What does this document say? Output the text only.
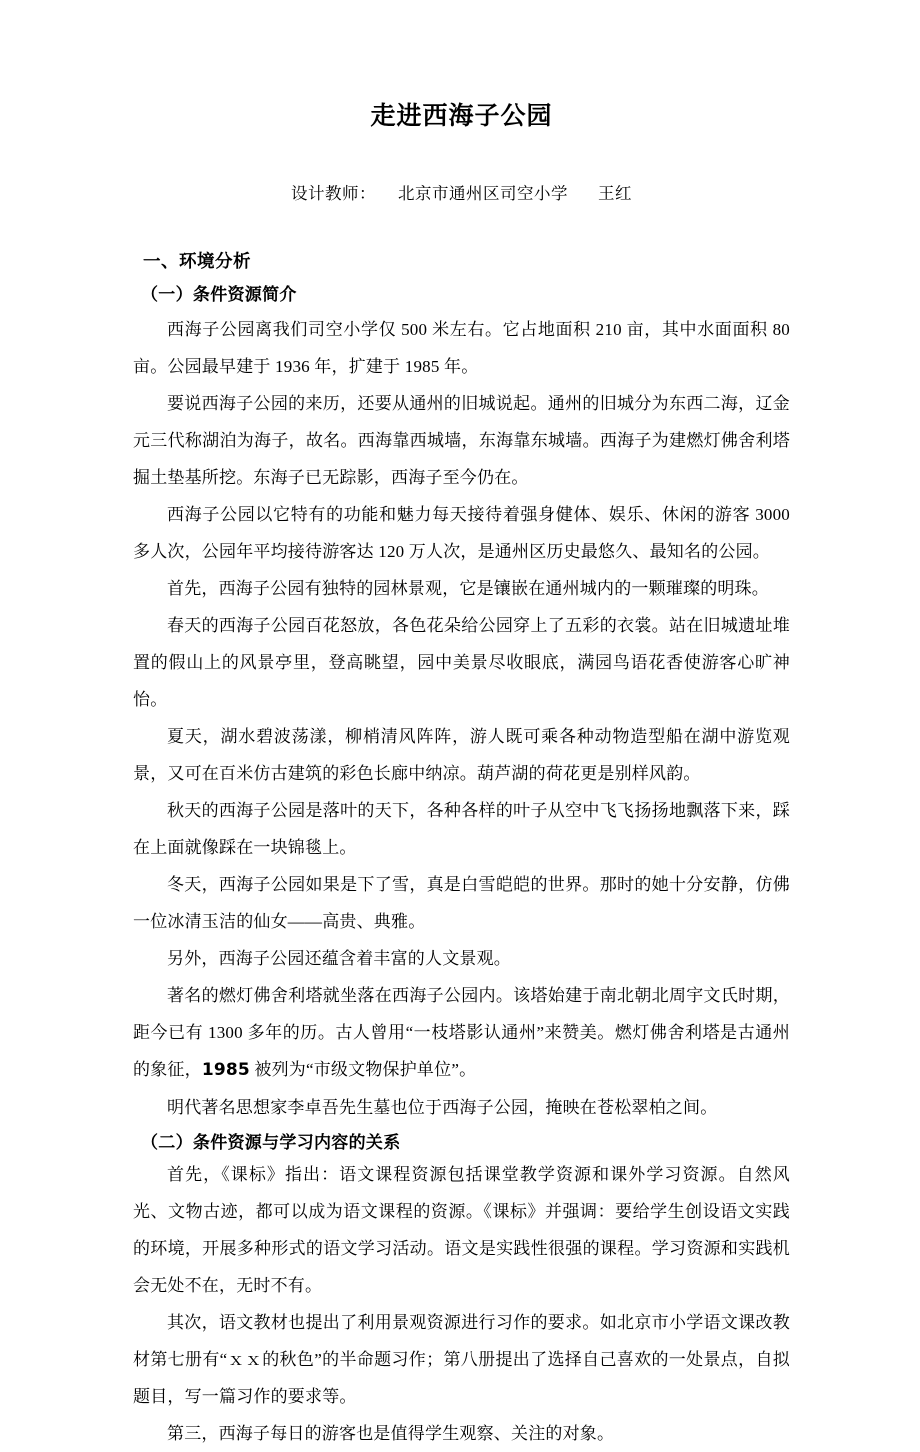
走进西海子公园
设计教师： 北京市通州区司空小学 王红
一、环境分析
（一）条件资源简介

西海子公园离我们司空小学仅 500 米左右。它占地面积 210 亩，其中水面面积 80 亩。公园最早建于 1936 年，扩建于 1985 年。

要说西海子公园的来历，还要从通州的旧城说起。通州的旧城分为东西二海，辽金元三代称湖泊为海子，故名。西海靠西城墙，东海靠东城墙。西海子为建燃灯佛舍利塔掘土垫基所挖。东海子已无踪影，西海子至今仍在。

西海子公园以它特有的功能和魅力每天接待着强身健体、娱乐、休闲的游客 3000 多人次，公园年平均接待游客达 120 万人次，是通州区历史最悠久、最知名的公园。

首先，西海子公园有独特的园林景观，它是镶嵌在通州城内的一颗璀璨的明珠。

春天的西海子公园百花怒放，各色花朵给公园穿上了五彩的衣裳。站在旧城遗址堆置的假山上的风景亭里，登高眺望，园中美景尽收眼底，满园鸟语花香使游客心旷神怡。

夏天，湖水碧波荡漾，柳梢清风阵阵，游人既可乘各种动物造型船在湖中游览观景，又可在百米仿古建筑的彩色长廊中纳凉。葫芦湖的荷花更是别样风韵。

秋天的西海子公园是落叶的天下，各种各样的叶子从空中飞飞扬扬地飘落下来，踩在上面就像踩在一块锦毯上。

冬天，西海子公园如果是下了雪，真是白雪皑皑的世界。那时的她十分安静，仿佛一位冰清玉洁的仙女——高贵、典雅。

另外，西海子公园还蕴含着丰富的人文景观。

著名的燃灯佛舍利塔就坐落在西海子公园内。该塔始建于南北朝北周宇文氏时期，距今已有 1300 多年的历。古人曾用“一枝塔影认通州”来赞美。燃灯佛舍利塔是古通州的象征，1985 被列为“市级文物保护单位”。

明代著名思想家李卓吾先生墓也位于西海子公园，掩映在苍松翠柏之间。

（二）条件资源与学习内容的关系

首先，《课标》指出：语文课程资源包括课堂教学资源和课外学习资源。自然风光、文物古迹，都可以成为语文课程的资源。《课标》并强调：要给学生创设语文实践的环境，开展多种形式的语文学习活动。语文是实践性很强的课程。学习资源和实践机会无处不在，无时不有。

其次，语文教材也提出了利用景观资源进行习作的要求。如北京市小学语文课改教材第七册有“ｘｘ的秋色”的半命题习作；第八册提出了选择自己喜欢的一处景点，自拟题目，写一篇习作的要求等。

第三，西海子每日的游客也是值得学生观察、关注的对象。
